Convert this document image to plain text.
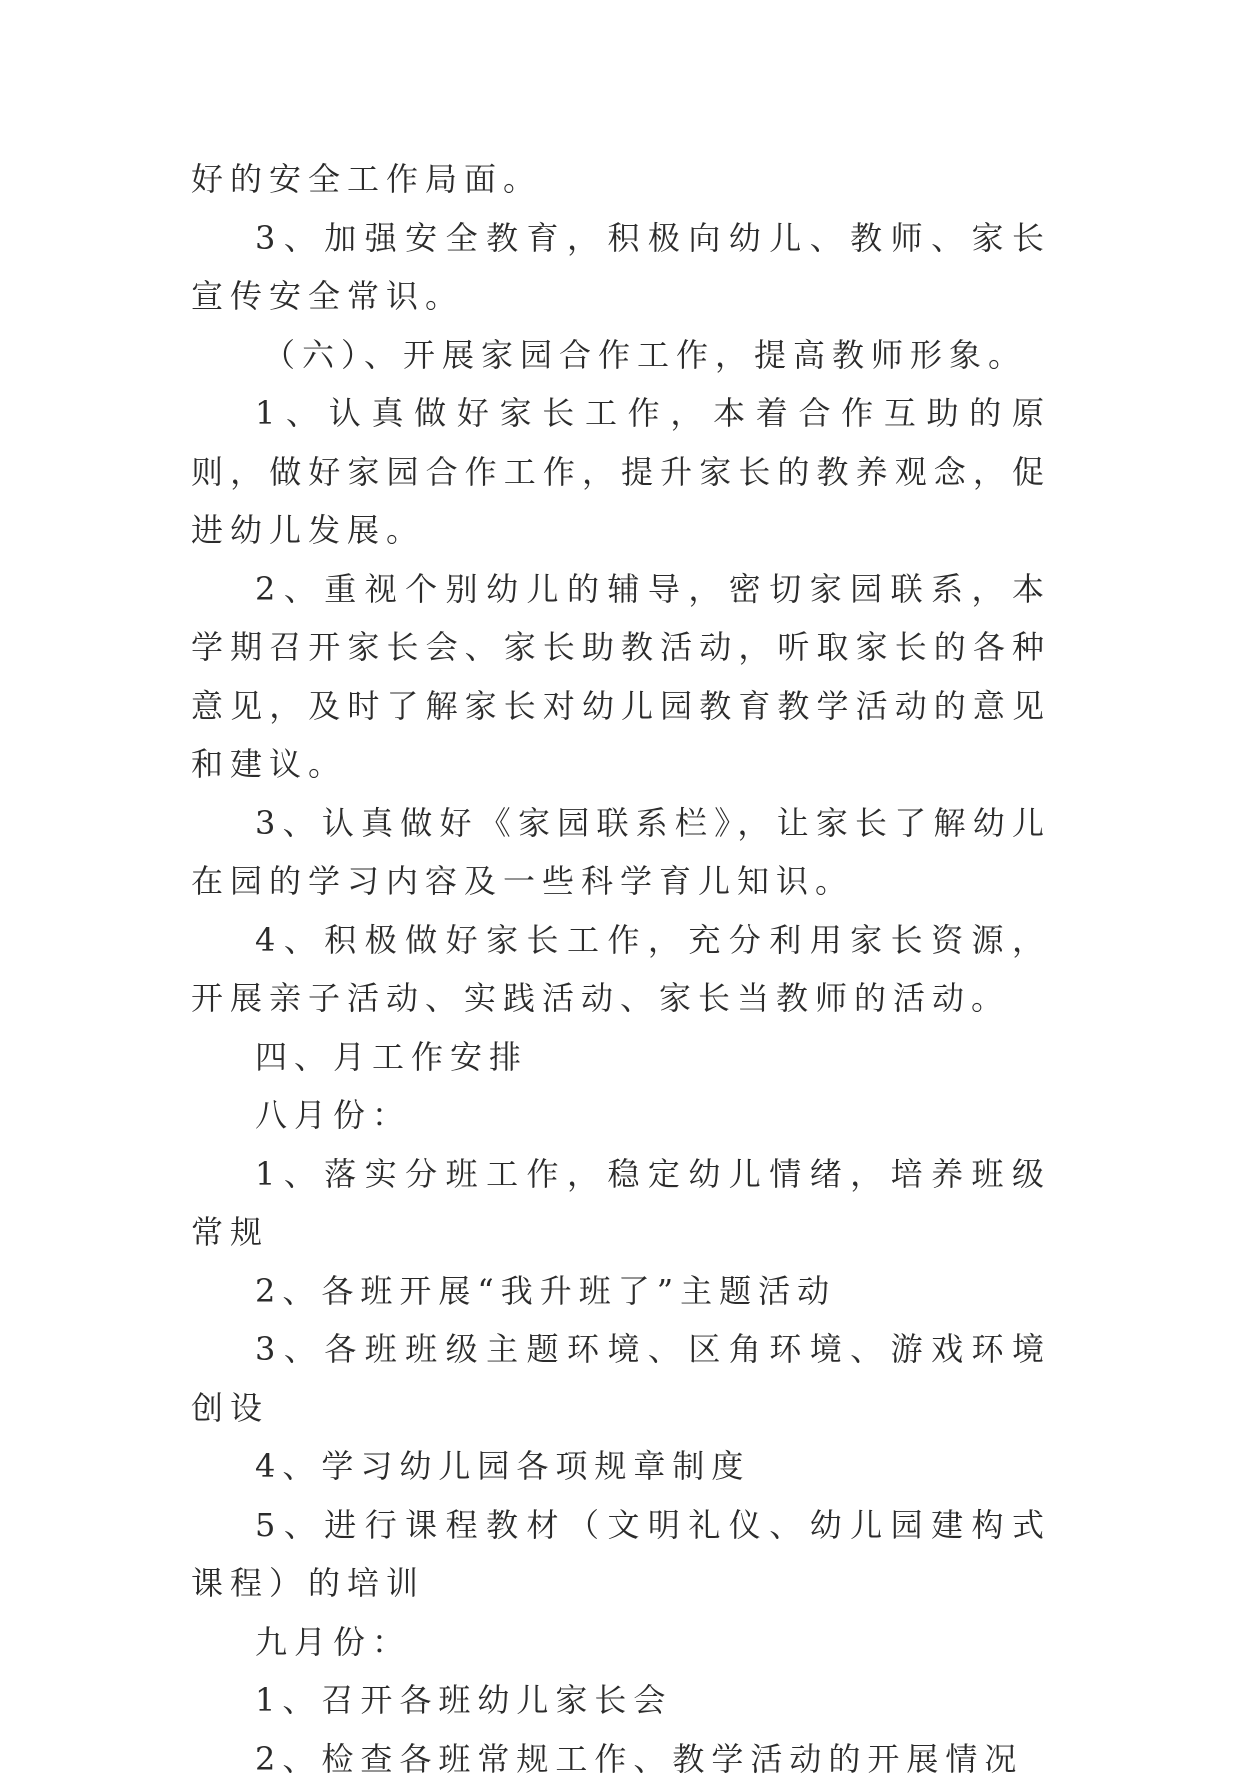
好的安全工作局面。

3、加强安全教育，积极向幼儿、教师、家长宣传安全常识。

（六）、开展家园合作工作，提高教师形象。

1、认真做好家长工作，本着合作互助的原则，做好家园合作工作，提升家长的教养观念，促进幼儿发展。

2、重视个别幼儿的辅导，密切家园联系，本学期召开家长会、家长助教活动，听取家长的各种意见，及时了解家长对幼儿园教育教学活动的意见和建议。

3、认真做好《家园联系栏》，让家长了解幼儿在园的学习内容及一些科学育儿知识。

4、积极做好家长工作，充分利用家长资源，开展亲子活动、实践活动、家长当教师的活动。

四、月工作安排

八月份：

1、落实分班工作，稳定幼儿情绪，培养班级常规

2、各班开展“我升班了”主题活动

3、各班班级主题环境、区角环境、游戏环境创设

4、学习幼儿园各项规章制度

5、进行课程教材（文明礼仪、幼儿园建构式课程）的培训

九月份：

1、召开各班幼儿家长会

2、检查各班常规工作、教学活动的开展情况
